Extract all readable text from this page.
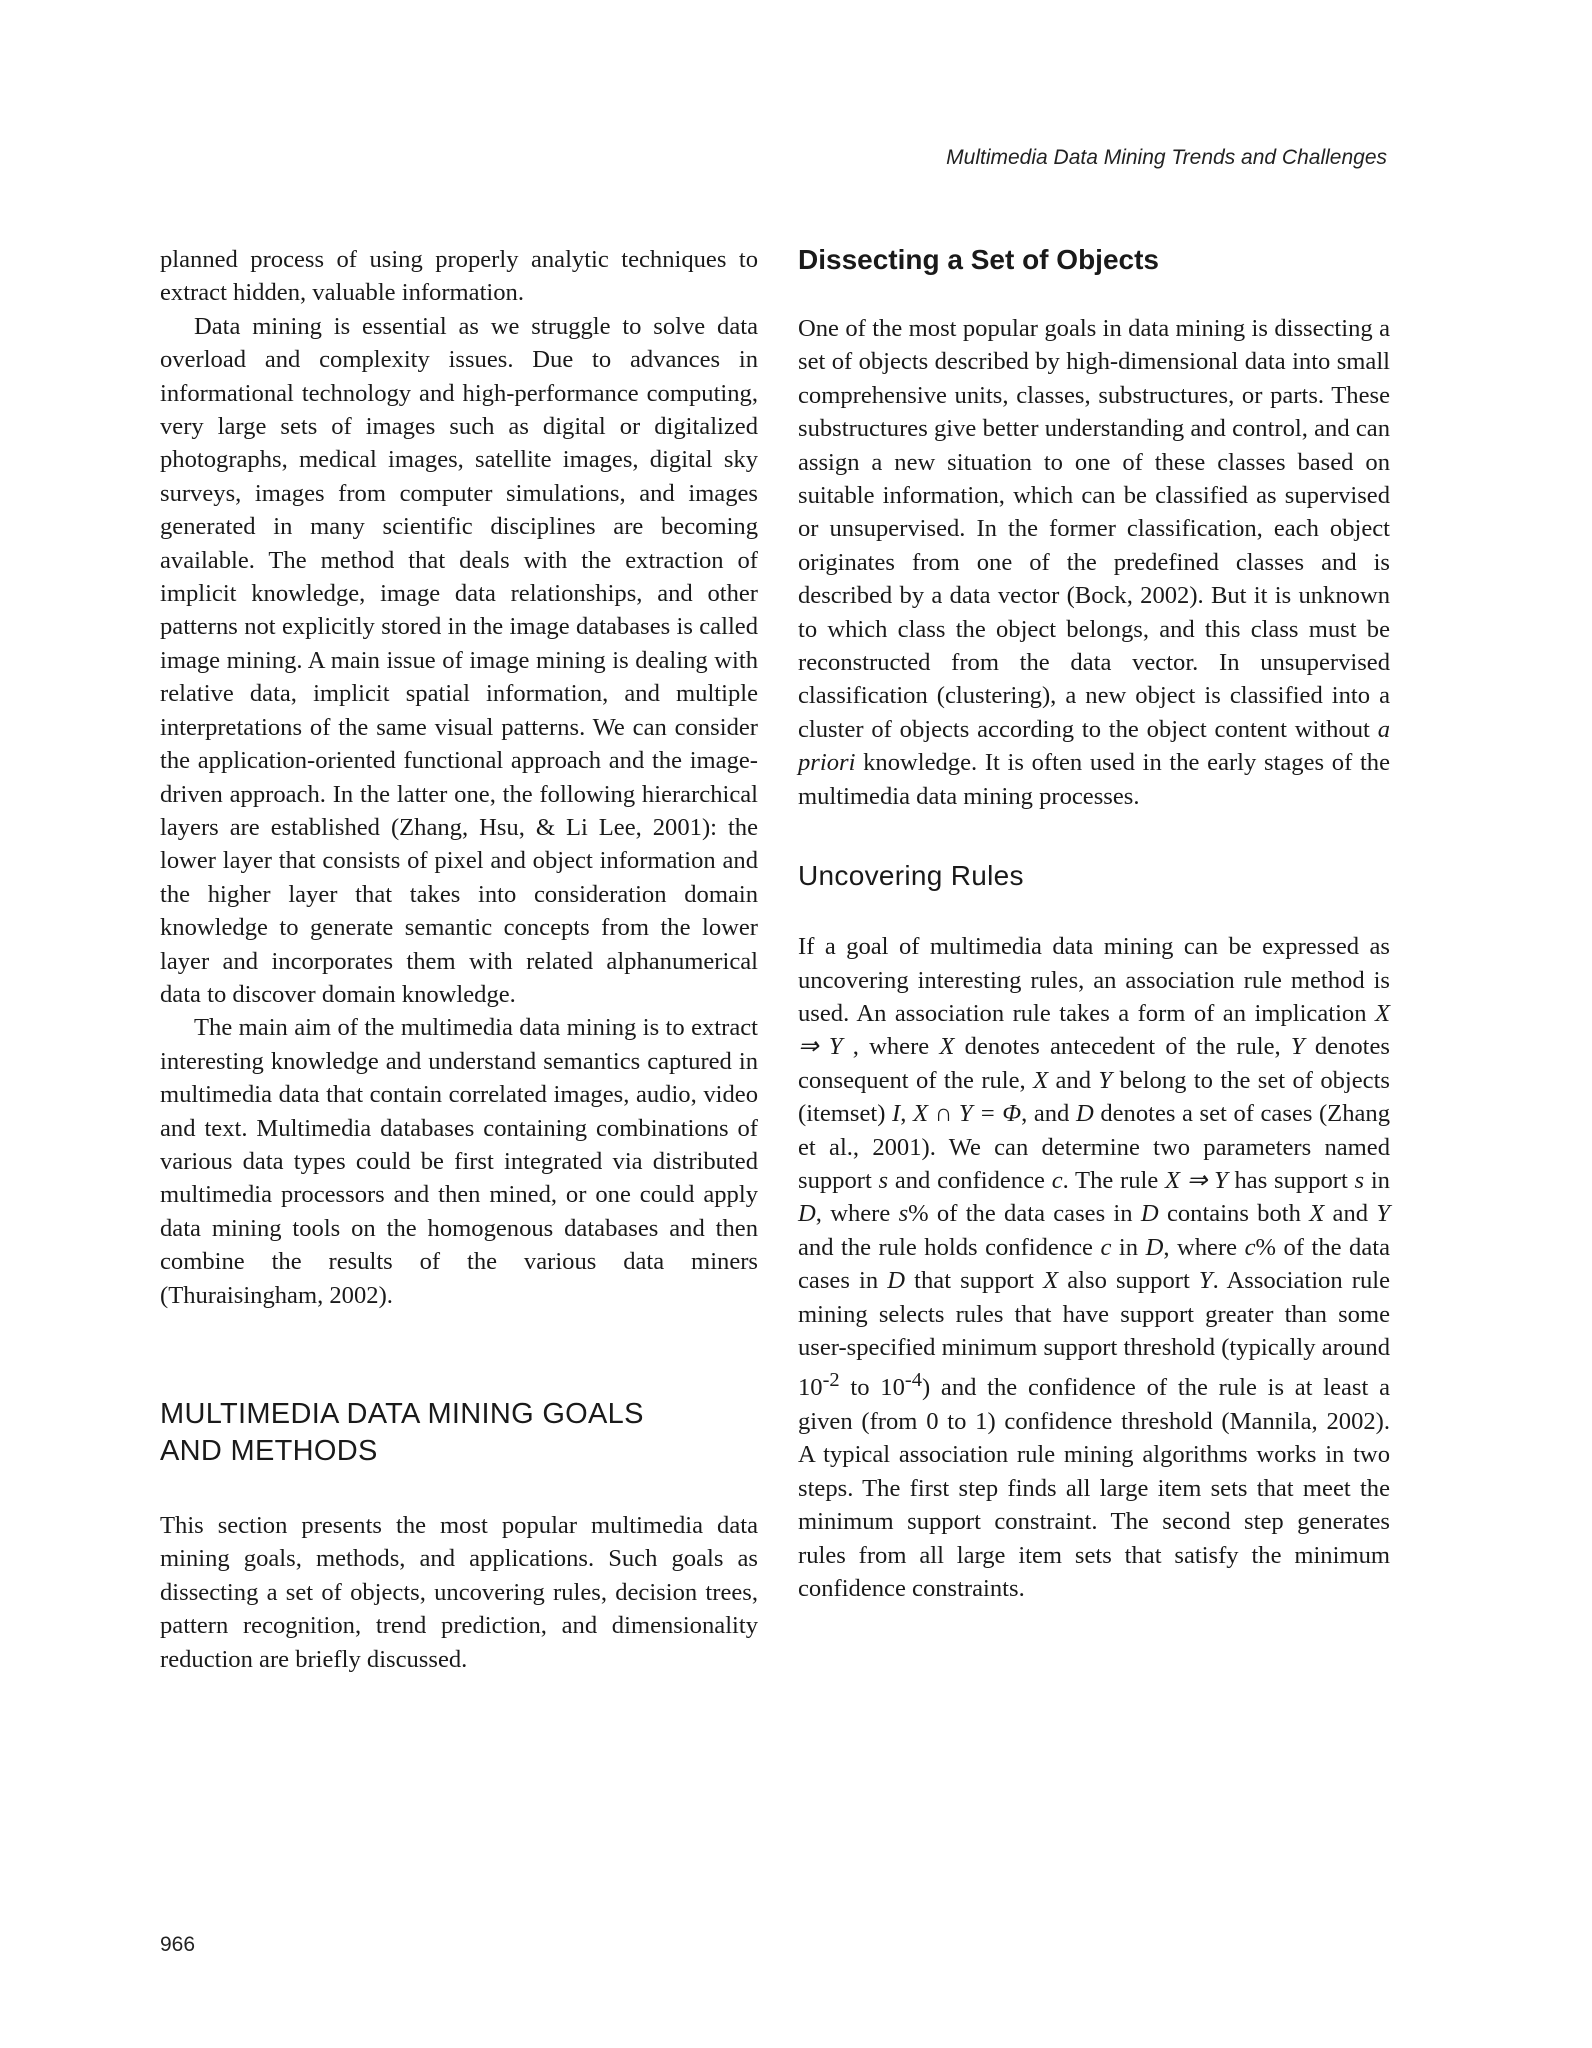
Multimedia Data Mining Trends and Challenges

planned process of using properly analytic techniques to extract hidden, valuable information.

Data mining is essential as we struggle to solve data overload and complexity issues. Due to advances in informational technology and high-performance computing, very large sets of images such as digital or digitalized photographs, medical images, satellite images, digital sky surveys, images from computer simulations, and images generated in many scientific disciplines are becoming available. The method that deals with the extraction of implicit knowledge, image data relationships, and other patterns not explicitly stored in the image databases is called image mining. A main issue of image mining is dealing with relative data, implicit spatial information, and multiple interpretations of the same visual patterns. We can consider the application-oriented functional approach and the image-driven approach. In the latter one, the following hierarchical layers are established (Zhang, Hsu, & Li Lee, 2001): the lower layer that consists of pixel and object information and the higher layer that takes into consideration domain knowledge to generate semantic concepts from the lower layer and incorporates them with related alphanumerical data to discover domain knowledge.

The main aim of the multimedia data mining is to extract interesting knowledge and understand semantics captured in multimedia data that contain correlated images, audio, video and text. Multimedia databases containing combinations of various data types could be first integrated via distributed multimedia processors and then mined, or one could apply data mining tools on the homogenous databases and then combine the results of the various data miners (Thuraisingham, 2002).

MULTIMEDIA DATA MINING GOALS
AND METHODS

This section presents the most popular multimedia data mining goals, methods, and applications. Such goals as dissecting a set of objects, uncovering rules, decision trees, pattern recognition, trend prediction, and dimensionality reduction are briefly discussed.

Dissecting a Set of Objects

One of the most popular goals in data mining is dissecting a set of objects described by high-dimensional data into small comprehensive units, classes, substructures, or parts. These substructures give better understanding and control, and can assign a new situation to one of these classes based on suitable information, which can be classified as supervised or unsupervised. In the former classification, each object originates from one of the predefined classes and is described by a data vector (Bock, 2002). But it is unknown to which class the object belongs, and this class must be reconstructed from the data vector. In unsupervised classification (clustering), a new object is classified into a cluster of objects according to the object content without a priori knowledge. It is often used in the early stages of the multimedia data mining processes.

Uncovering Rules

If a goal of multimedia data mining can be expressed as uncovering interesting rules, an association rule method is used. An association rule takes a form of an implication X ⇒ Y , where X denotes antecedent of the rule, Y denotes consequent of the rule, X and Y belong to the set of objects (itemset) I, X ∩ Y = Φ, and D denotes a set of cases (Zhang et al., 2001). We can determine two parameters named support s and confidence c. The rule X ⇒ Y has support s in D, where s% of the data cases in D contains both X and Y and the rule holds confidence c in D, where c% of the data cases in D that support X also support Y. Association rule mining selects rules that have support greater than some user-specified minimum support threshold (typically around $10^{-2}$ to $10^{-4}$) and the confidence of the rule is at least a given (from 0 to 1) confidence threshold (Mannila, 2002). A typical association rule mining algorithms works in two steps. The first step finds all large item sets that meet the minimum support constraint. The second step generates rules from all large item sets that satisfy the minimum confidence constraints.

966
